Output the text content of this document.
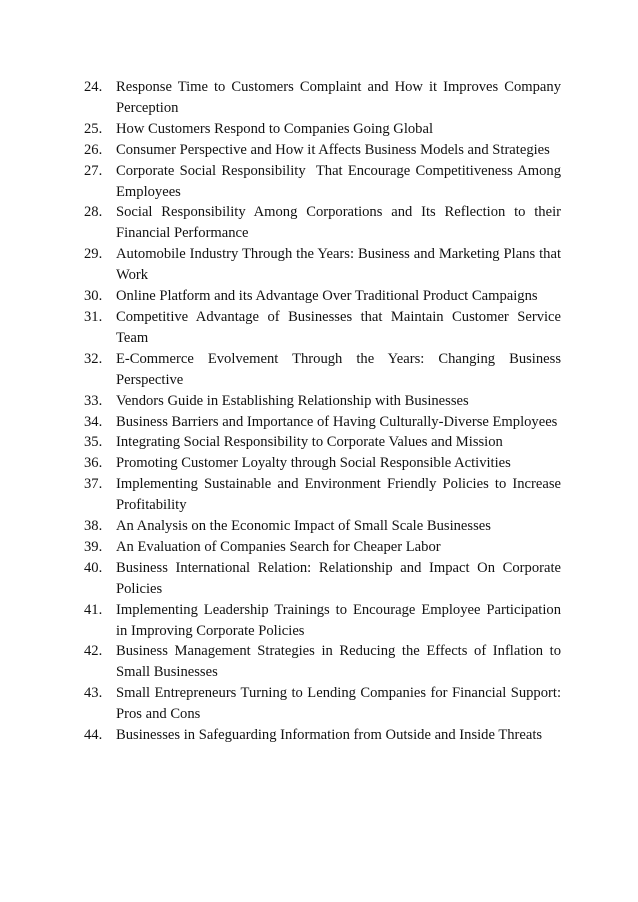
24. Response Time to Customers Complaint and How it Improves Company Perception
25. How Customers Respond to Companies Going Global
26. Consumer Perspective and How it Affects Business Models and Strategies
27. Corporate Social Responsibility  That Encourage Competitiveness Among Employees
28. Social Responsibility Among Corporations and Its Reflection to their Financial Performance
29. Automobile Industry Through the Years: Business and Marketing Plans that Work
30. Online Platform and its Advantage Over Traditional Product Campaigns
31. Competitive Advantage of Businesses that Maintain Customer Service Team
32. E-Commerce Evolvement Through the Years: Changing Business Perspective
33. Vendors Guide in Establishing Relationship with Businesses
34. Business Barriers and Importance of Having Culturally-Diverse Employees
35. Integrating Social Responsibility to Corporate Values and Mission
36. Promoting Customer Loyalty through Social Responsible Activities
37. Implementing Sustainable and Environment Friendly Policies to Increase Profitability
38. An Analysis on the Economic Impact of Small Scale Businesses
39. An Evaluation of Companies Search for Cheaper Labor
40. Business International Relation: Relationship and Impact On Corporate Policies
41. Implementing Leadership Trainings to Encourage Employee Participation in Improving Corporate Policies
42. Business Management Strategies in Reducing the Effects of Inflation to Small Businesses
43. Small Entrepreneurs Turning to Lending Companies for Financial Support: Pros and Cons
44. Businesses in Safeguarding Information from Outside and Inside Threats
